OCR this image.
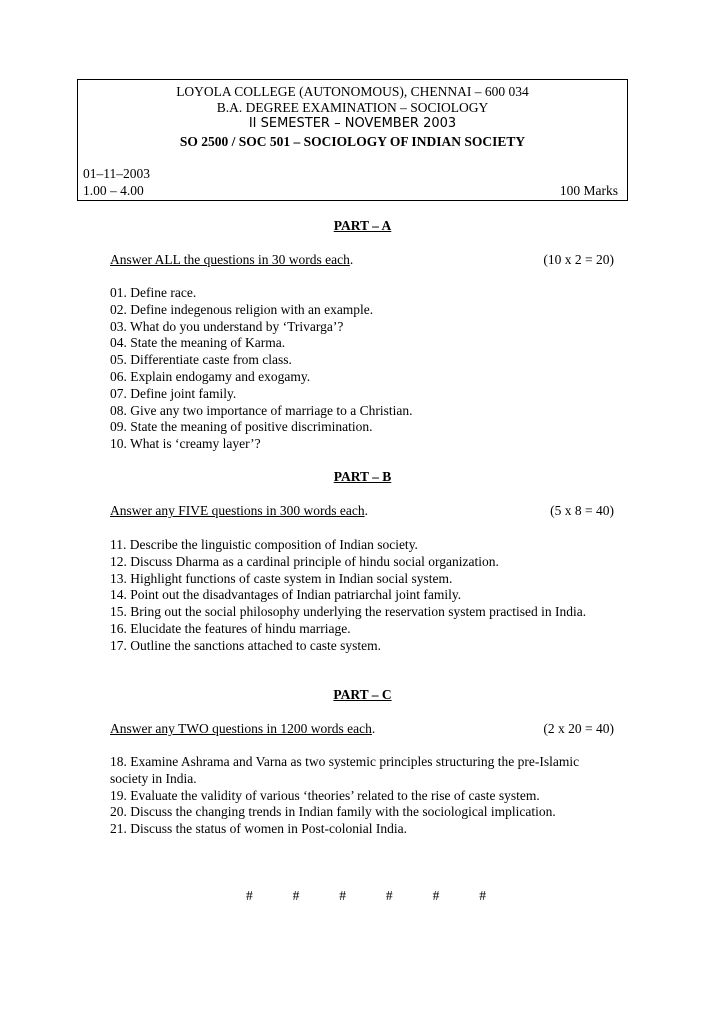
LOYOLA COLLEGE (AUTONOMOUS), CHENNAI – 600 034
B.A. DEGREE EXAMINATION – SOCIOLOGY
II SEMESTER – NOVEMBER 2003
SO 2500 / SOC 501 – SOCIOLOGY OF INDIAN SOCIETY
01–11–2003
1.00 – 4.00	100 Marks
PART – A
Answer ALL the questions in 30 words each.	(10 x 2 = 20)
01. Define race.
02. Define indegenous religion with an example.
03. What do you understand by ‘Trivarga’?
04. State the meaning of Karma.
05. Differentiate caste from class.
06. Explain endogamy and exogamy.
07. Define joint family.
08. Give any two importance of marriage to a Christian.
09. State the meaning of positive discrimination.
10. What is ‘creamy layer’?
PART – B
Answer any FIVE questions in 300 words each.	(5 x 8 = 40)
11. Describe the linguistic composition of Indian society.
12. Discuss Dharma as a cardinal principle of hindu social organization.
13. Highlight functions of caste system in Indian social system.
14. Point out the disadvantages of Indian patriarchal joint family.
15. Bring out the social philosophy underlying the reservation system practised in India.
16. Elucidate the features of hindu marriage.
17. Outline the sanctions attached to caste system.
PART – C
Answer any TWO questions in 1200 words each.	(2 x 20 = 40)
18. Examine Ashrama and Varna as two systemic principles structuring the pre-Islamic society in India.
19. Evaluate the validity of various ‘theories’ related to the rise of caste system.
20. Discuss the changing trends in Indian family with the sociological implication.
21. Discuss the status of women in Post-colonial India.
#	#	#	#	#	#
